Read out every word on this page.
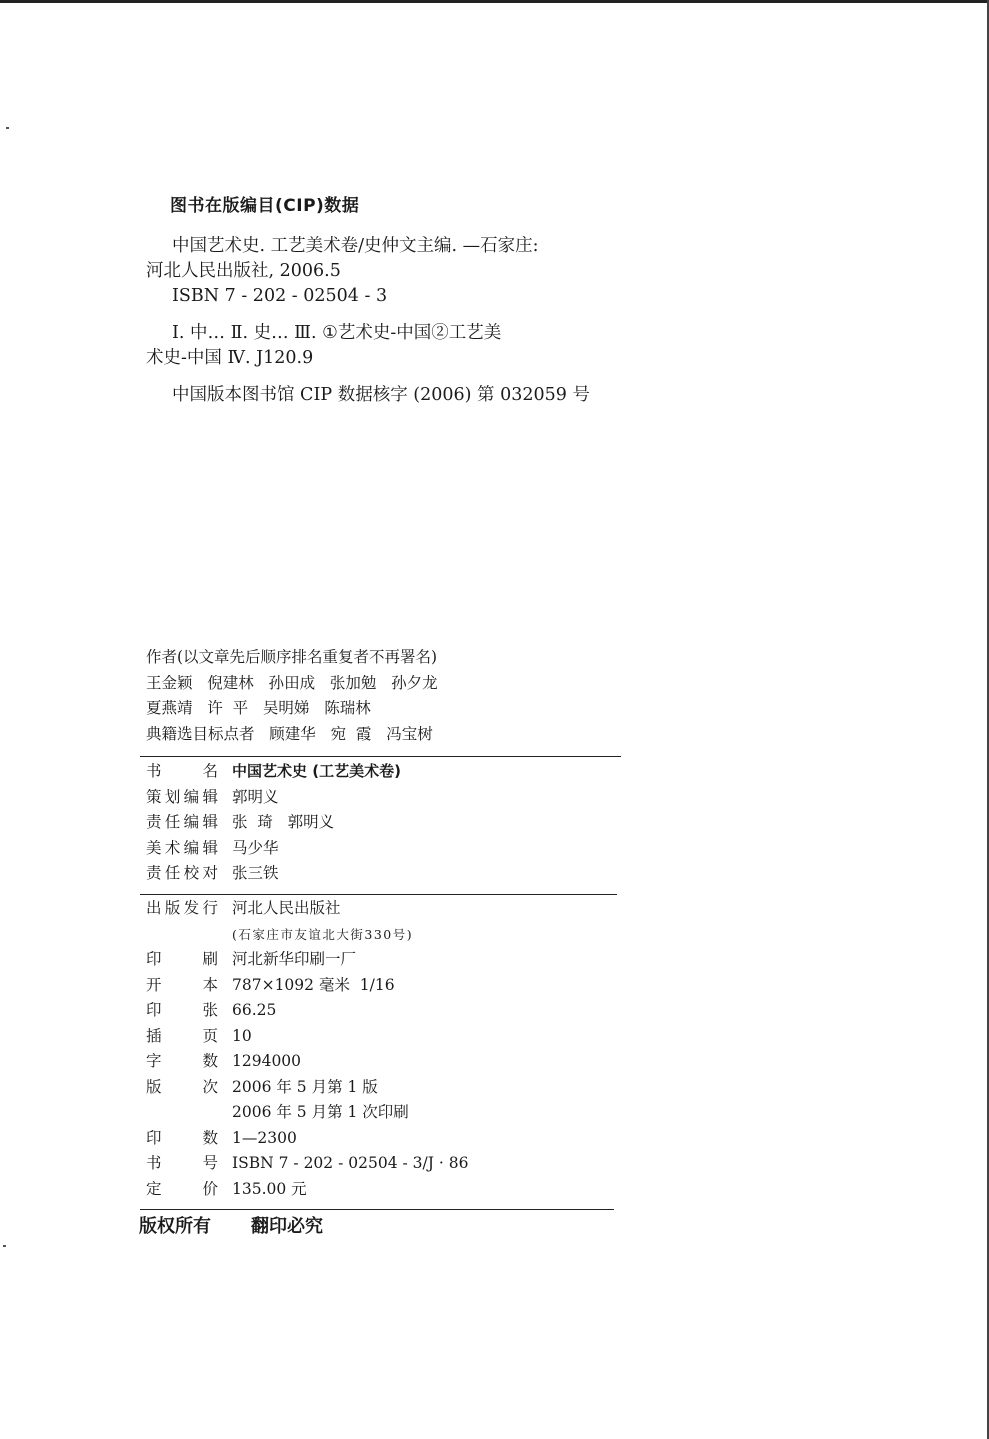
图书在版编目(CIP)数据

中国艺术史. 工艺美术卷/史仲文主编. —石家庄:

河北人民出版社, 2006.5

ISBN 7 - 202 - 02504 - 3

Ⅰ. 中… Ⅱ. 史… Ⅲ. ①艺术史-中国②工艺美

术史-中国 Ⅳ. J120.9

中国版本图书馆 CIP 数据核字 (2006) 第 032059 号

作者(以文章先后顺序排名重复者不再署名)
王金颖   倪建林   孙田成   张加勉   孙夕龙
夏燕靖   许  平   吴明娣   陈瑞林
典籍选目标点者   顾建华   宛  霞   冯宝树
书名 中国艺术史 (工艺美术卷)
策划编辑 郭明义
责任编辑 张  琦   郭明义
美术编辑 马少华
责任校对 张三铁
出版发行 河北人民出版社
(石家庄市友谊北大街330号)
印刷 河北新华印刷一厂
开本 787×1092 毫米  1/16
印张 66.25
插页 10
字数 1294000
版次 2006 年 5 月第 1 版
2006 年 5 月第 1 次印刷
印数 1—2300
书号 ISBN 7 - 202 - 02504 - 3/J · 86
定价 135.00 元
版权所有 翻印必究
